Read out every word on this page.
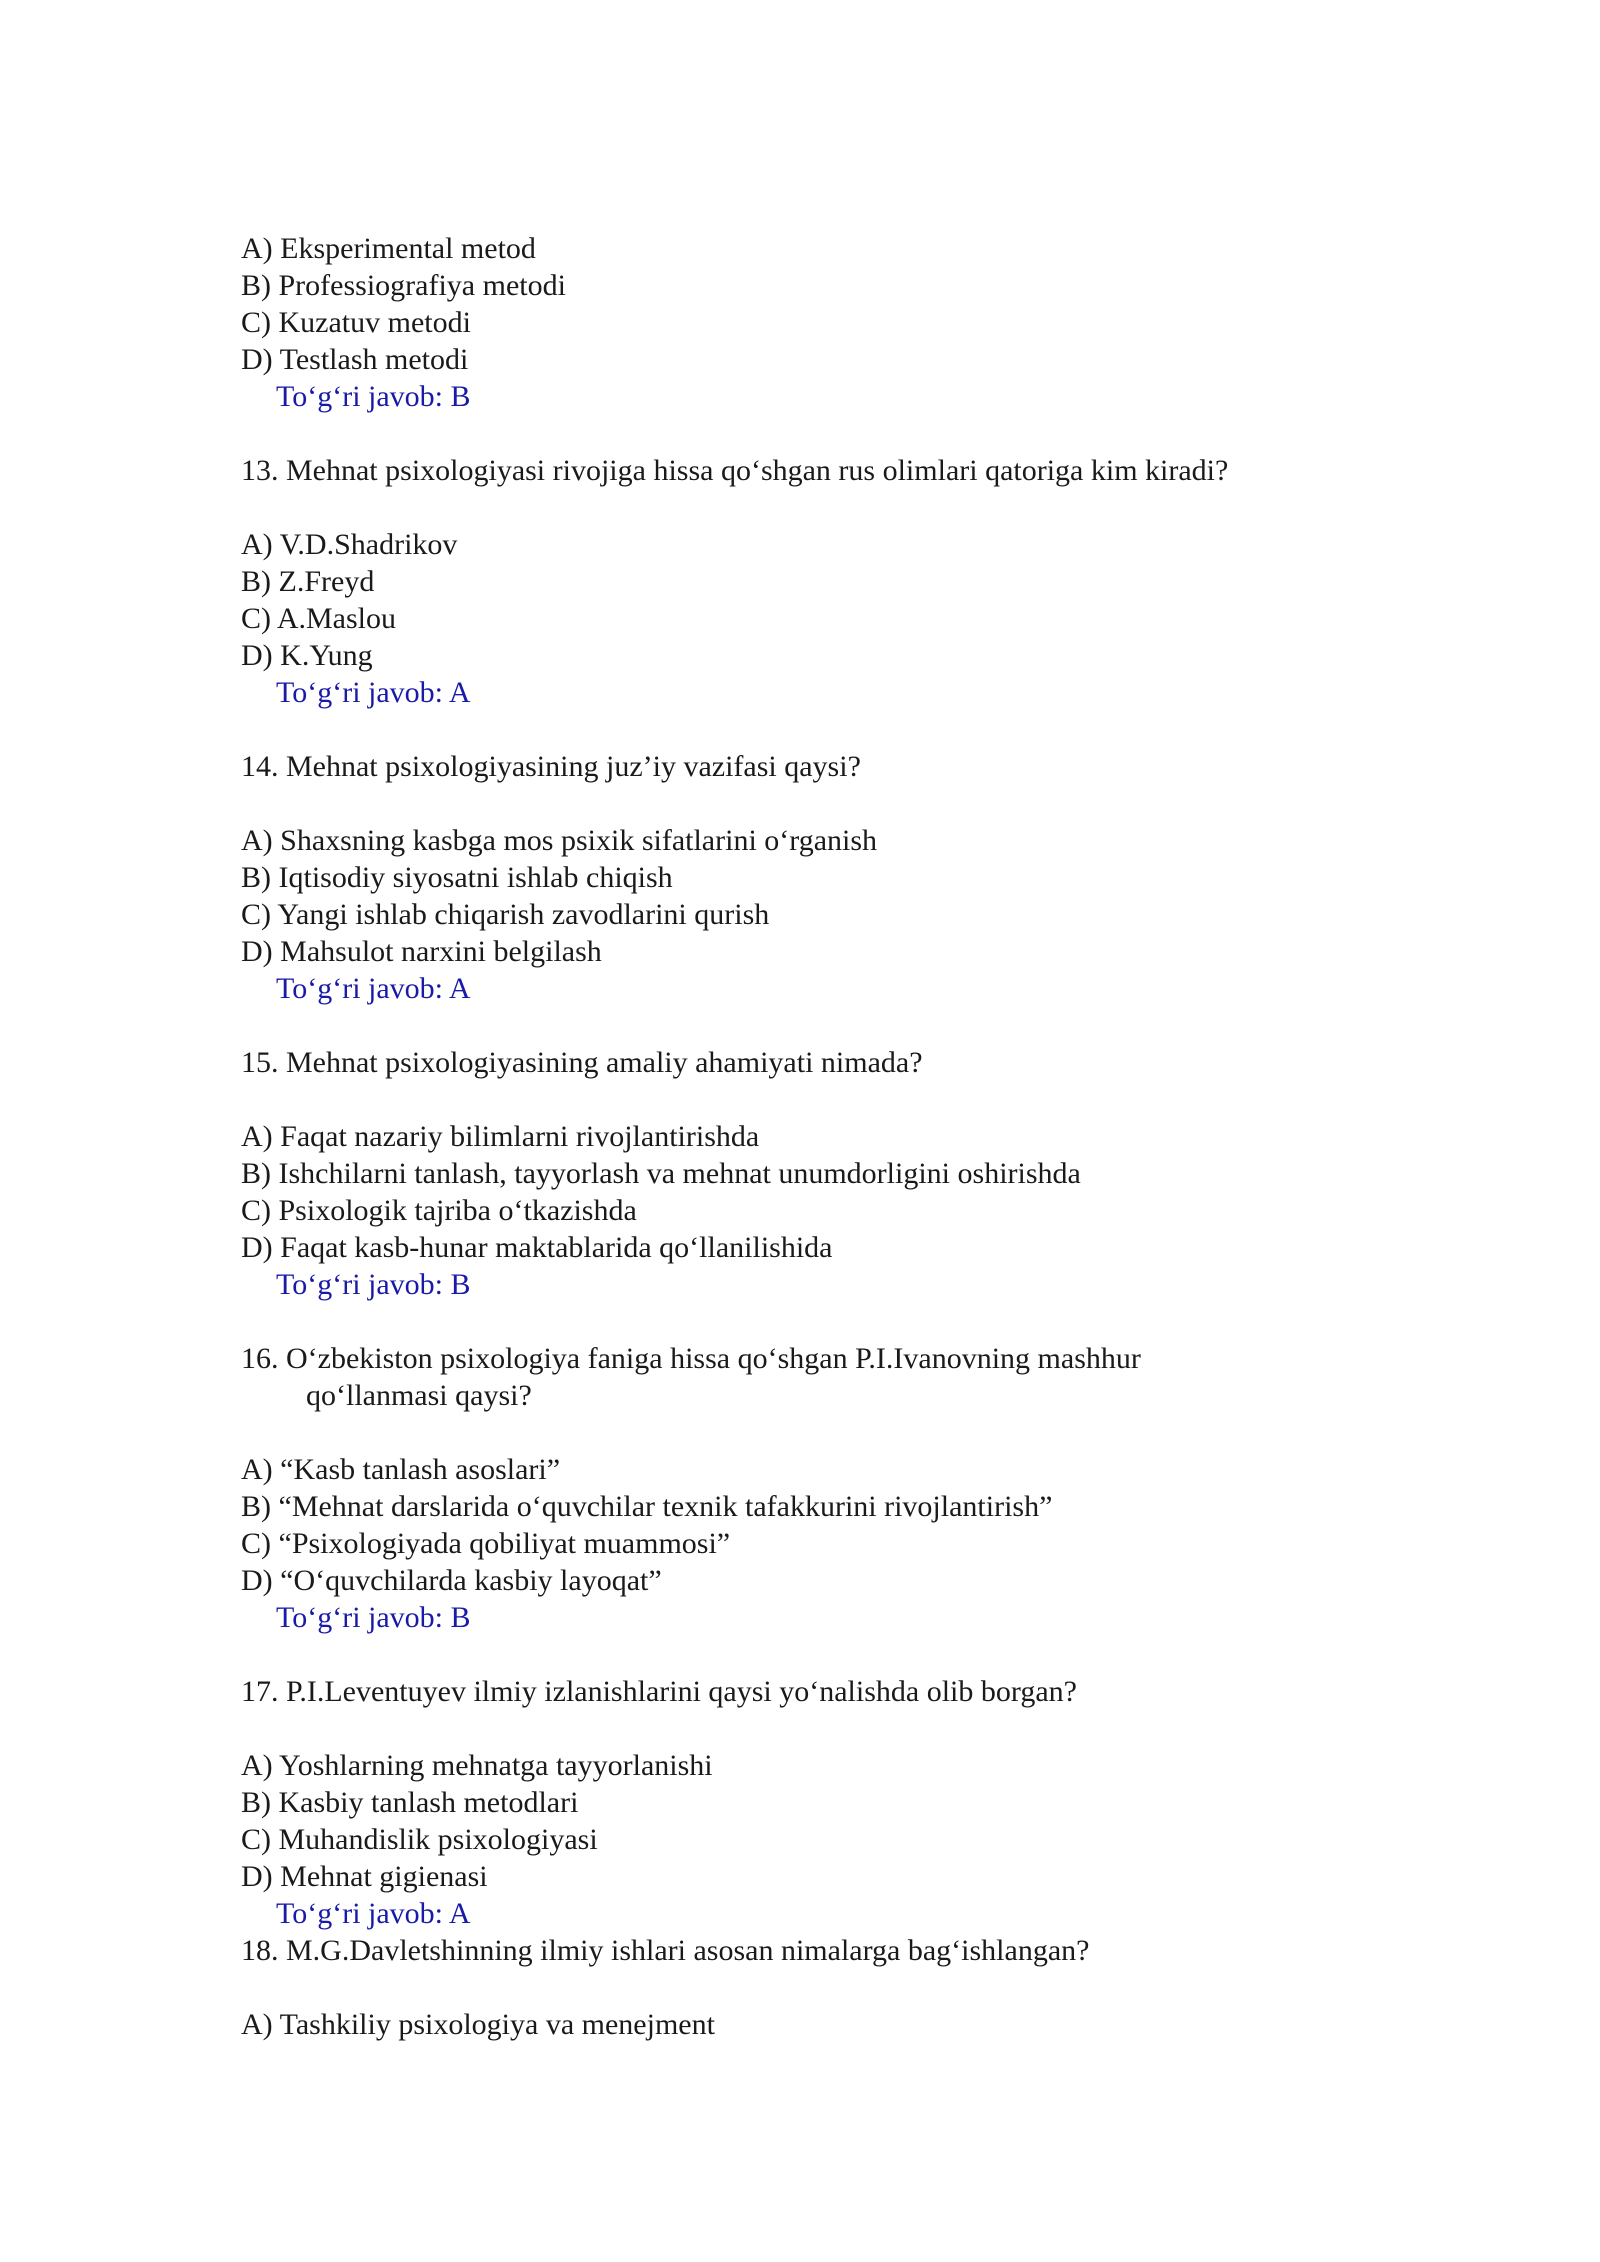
A) Eksperimental metod
B) Professiografiya metodi
C) Kuzatuv metodi
D) Testlash metodi
To‘g‘ri javob: B
13. Mehnat psixologiyasi rivojiga hissa qo‘shgan rus olimlari qatoriga kim kiradi?
A) V.D.Shadrikov
B) Z.Freyd
C) A.Maslou
D) K.Yung
To‘g‘ri javob: A
14. Mehnat psixologiyasining juz’iy vazifasi qaysi?
A) Shaxsning kasbga mos psixik sifatlarini o‘rganish
B) Iqtisodiy siyosatni ishlab chiqish
C) Yangi ishlab chiqarish zavodlarini qurish
D) Mahsulot narxini belgilash
To‘g‘ri javob: A
15. Mehnat psixologiyasining amaliy ahamiyati nimada?
A) Faqat nazariy bilimlarni rivojlantirishda
B) Ishchilarni tanlash, tayyorlash va mehnat unumdorligini oshirishda
C) Psixologik tajriba o‘tkazishda
D) Faqat kasb-hunar maktablarida qo‘llanilishida
To‘g‘ri javob: B
16. O‘zbekiston psixologiya faniga hissa qo‘shgan P.I.Ivanovning mashhur
qo‘llanmasi qaysi?
A) “Kasb tanlash asoslari”
B) “Mehnat darslarida o‘quvchilar texnik tafakkurini rivojlantirish”
C) “Psixologiyada qobiliyat muammosi”
D) “O‘quvchilarda kasbiy layoqat”
To‘g‘ri javob: B
17. P.I.Leventuyev ilmiy izlanishlarini qaysi yo‘nalishda olib borgan?
A) Yoshlarning mehnatga tayyorlanishi
B) Kasbiy tanlash metodlari
C) Muhandislik psixologiyasi
D) Mehnat gigienasi
To‘g‘ri javob: A
18. M.G.Davletshinning ilmiy ishlari asosan nimalarga bag‘ishlangan?
A) Tashkiliy psixologiya va menejment
